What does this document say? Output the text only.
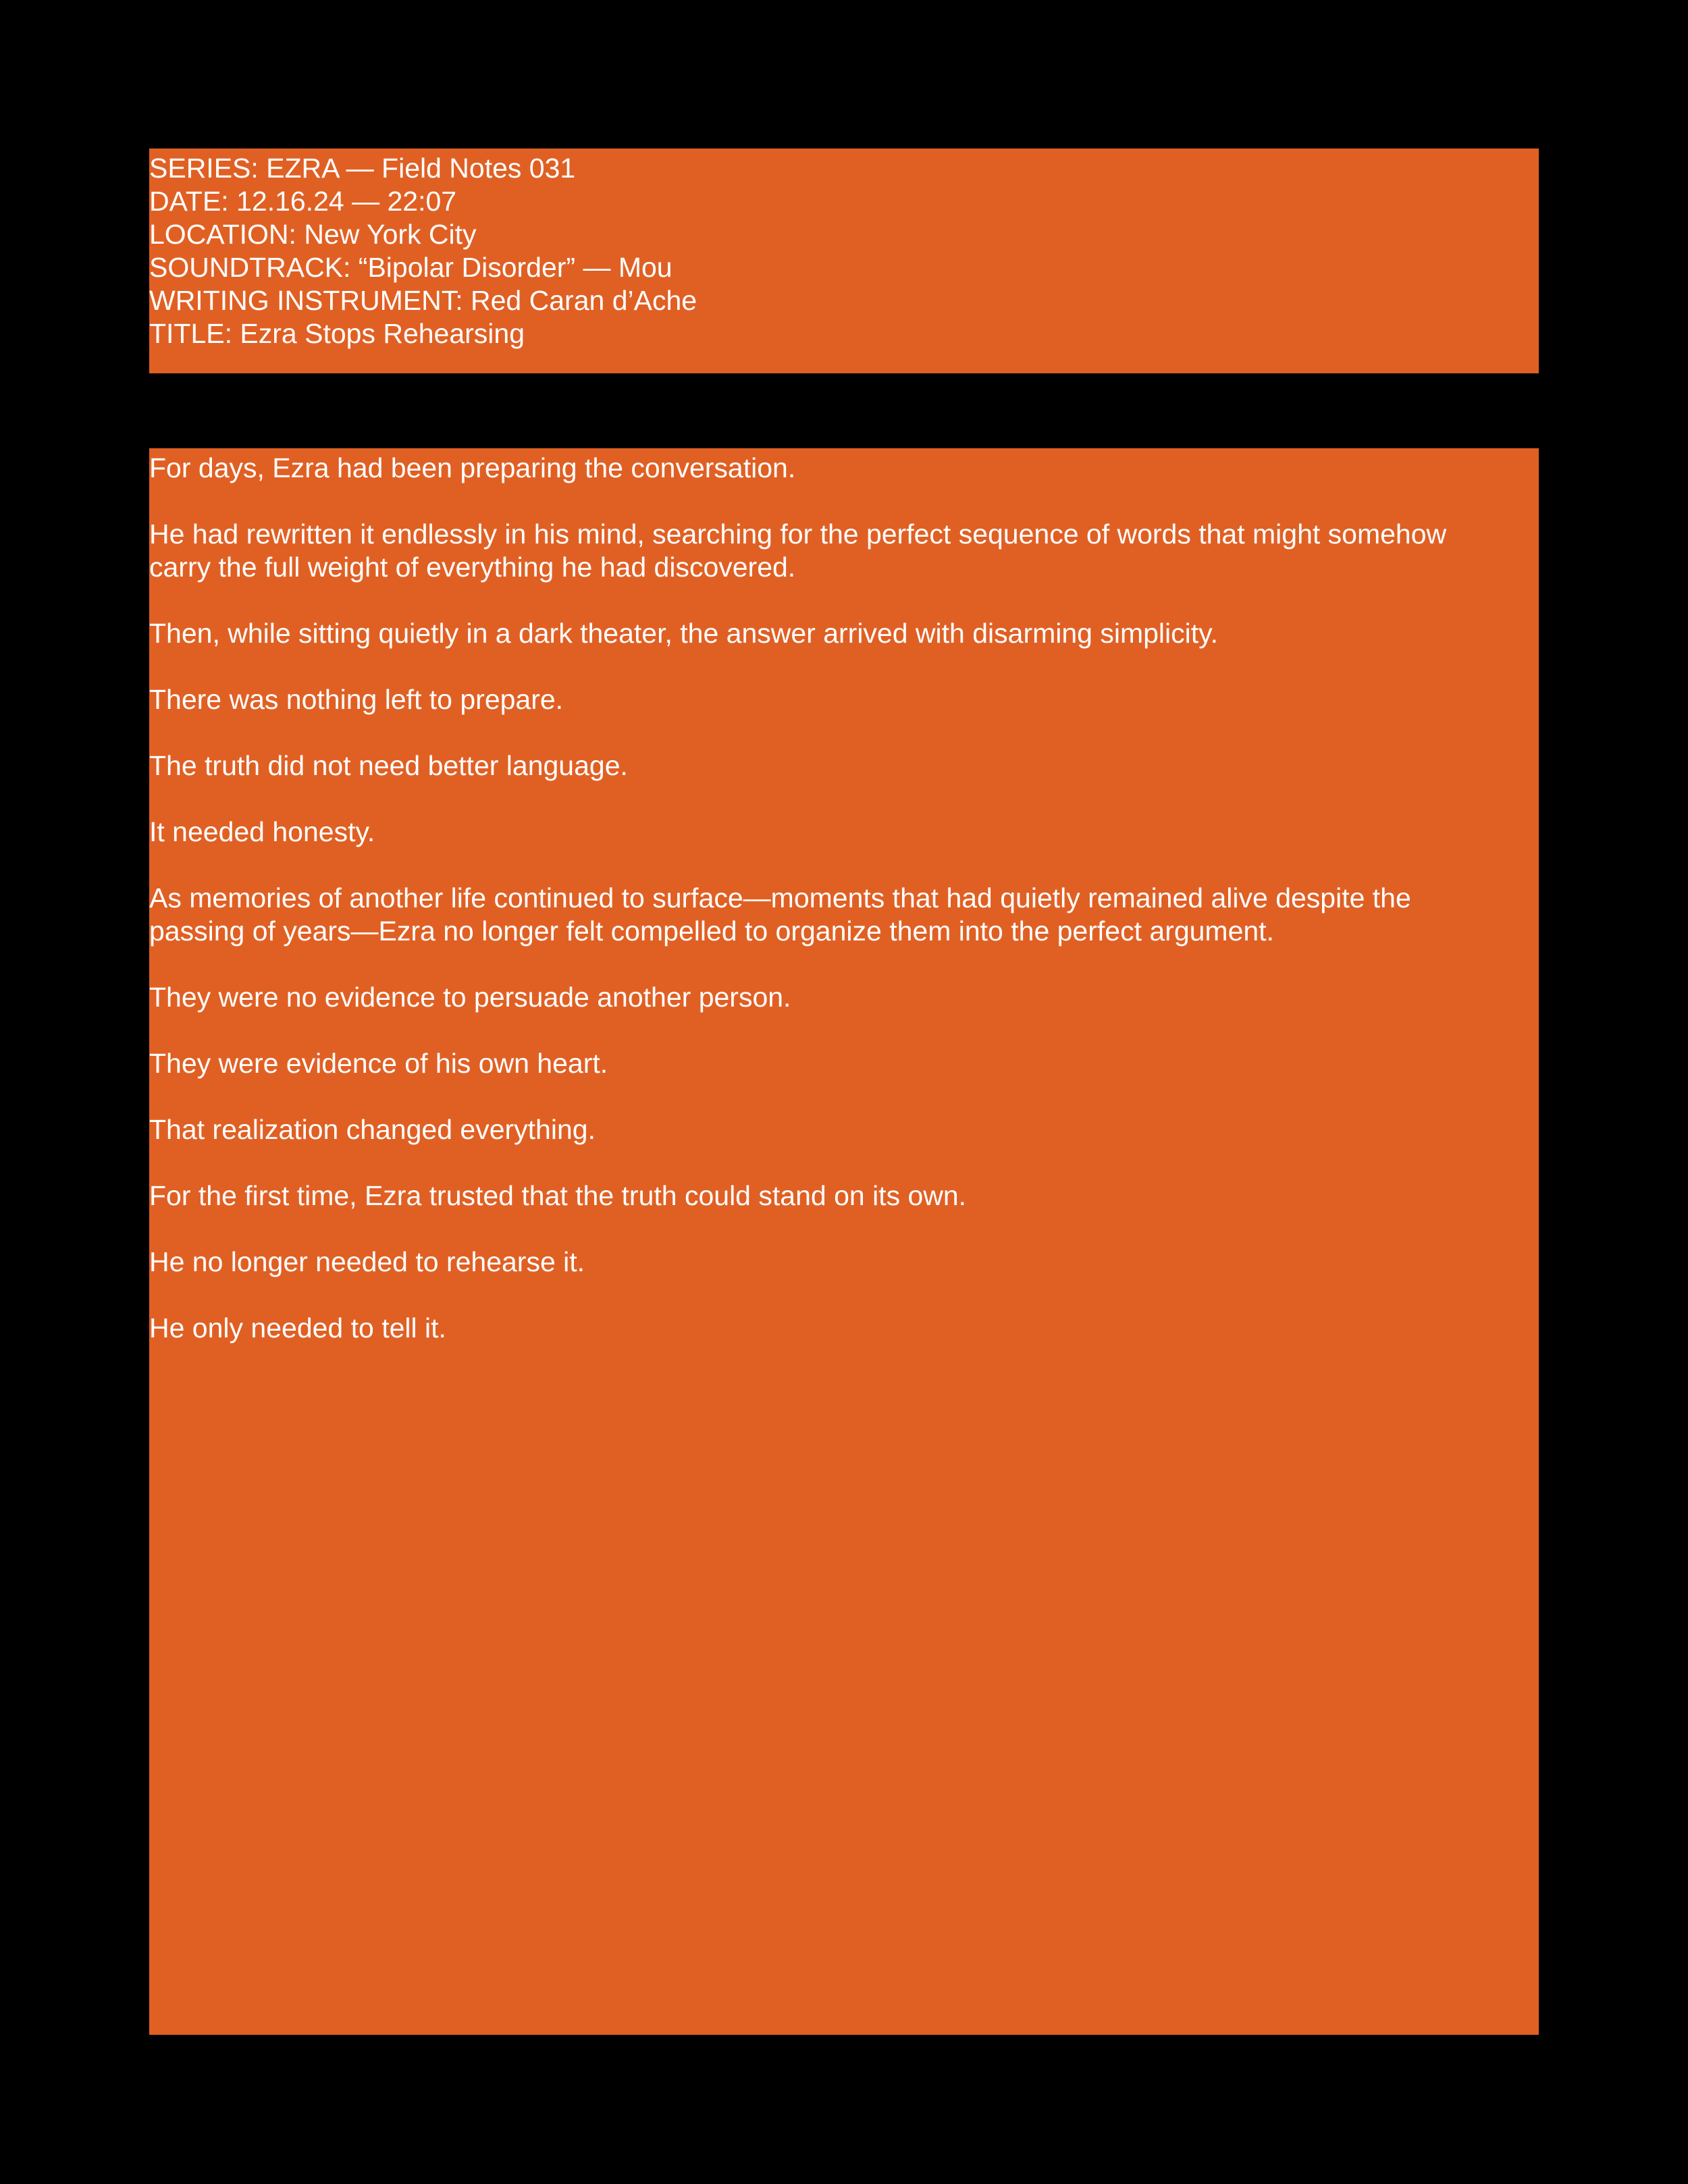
SERIES: EZRA — Field Notes 031
DATE: 12.16.24 — 22:07
LOCATION: New York City
SOUNDTRACK: “Bipolar Disorder” — Mou
WRITING INSTRUMENT: Red Caran d’Ache
TITLE: Ezra Stops Rehearsing

For days, Ezra had been preparing the conversation.

He had rewritten it endlessly in his mind, searching for the perfect sequence of words that might somehow carry the full weight of everything he had discovered.

Then, while sitting quietly in a dark theater, the answer arrived with disarming simplicity.

There was nothing left to prepare.

The truth did not need better language.

It needed honesty.

As memories of another life continued to surface—moments that had quietly remained alive despite the passing of years—Ezra no longer felt compelled to organize them into the perfect argument.

They were no evidence to persuade another person.

They were evidence of his own heart.

That realization changed everything.

For the first time, Ezra trusted that the truth could stand on its own.

He no longer needed to rehearse it.

He only needed to tell it.
